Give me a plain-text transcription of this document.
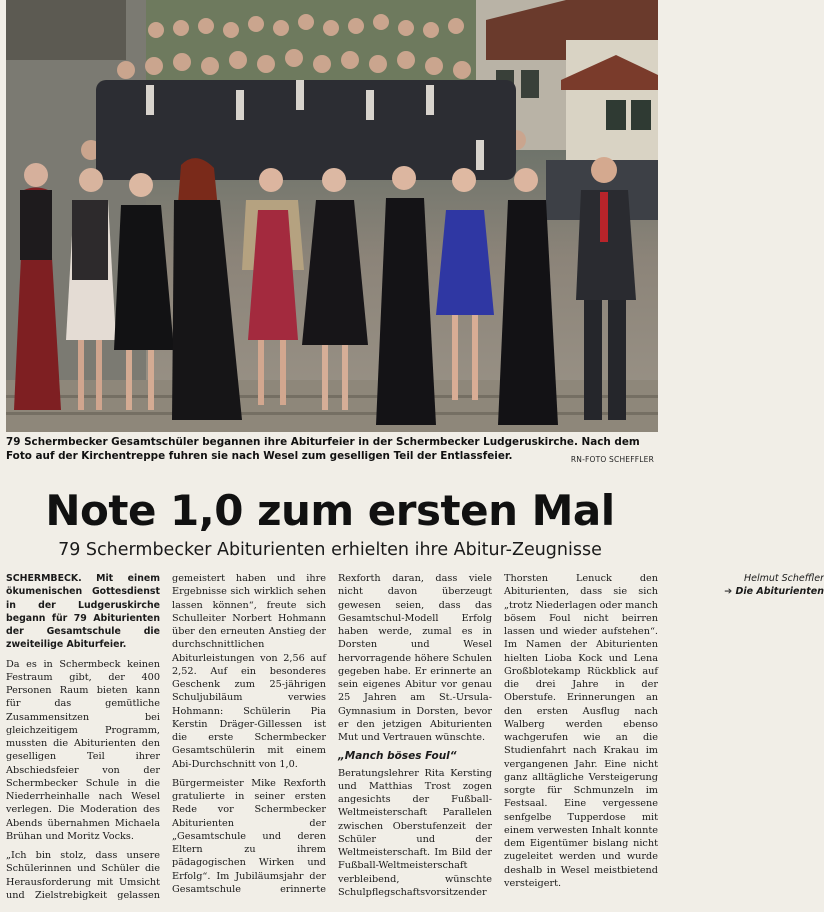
79 Schermbecker Gesamtschüler begannen ihre Abiturfeier in der Schermbecker Ludgeruskirche. Nach dem Foto auf der Kirchentreppe fuhren sie nach Wesel zum geselligen Teil der Entlassfeier.	RN-FOTO SCHEFFLER
Note 1,0 zum ersten Mal
79 Schermbecker Abiturienten erhielten ihre Abitur-Zeugnisse

SCHERMBECK. Mit einem ökumenischen Gottesdienst in der Ludgeruskirche begann für 79 Abiturienten der Gesamtschule die zweiteilige Abiturfeier.

Da es in Schermbeck keinen Festraum gibt, der 400 Personen Raum bieten kann für das gemütliche Zusammensitzen bei gleichzeitigem Programm, mussten die Abiturienten den geselligen Teil ihrer Abschiedsfeier von der Schermbecker Schule in die Niederrheinhalle nach Wesel verlegen. Die Moderation des Abends übernahmen Michaela Brühan und Moritz Vocks.

„Ich bin stolz, dass unsere Schülerinnen und Schüler die Herausforderung mit Umsicht und Zielstrebigkeit gelassen gemeistert haben und ihre Ergebnisse sich wirklich sehen lassen können“, freute sich Schulleiter Norbert Hohmann über den erneuten Anstieg der durchschnittlichen Abiturleistungen von 2,56 auf 2,52. Auf ein besonderes Geschenk zum 25-jährigen Schuljubiläum verwies Hohmann: Schülerin Pia Kerstin Dräger-Gillessen ist die erste Schermbecker Gesamtschülerin mit einem Abi-Durchschnitt von 1,0.

Bürgermeister Mike Rexforth gratulierte in seiner ersten Rede vor Schermbecker Abiturienten der „Gesamtschule und deren Eltern zu ihrem pädagogischen Wirken und Erfolg“. Im Jubiläumsjahr der Gesamtschule erinnerte Rexforth daran, dass viele nicht davon überzeugt gewesen seien, dass das Gesamtschul-Modell Erfolg haben werde, zumal es in Dorsten und Wesel hervorragende höhere Schulen gegeben habe. Er erinnerte an sein eigenes Abitur vor genau 25 Jahren am St.-Ursula-Gymnasium in Dorsten, bevor er den jetzigen Abiturienten Mut und Vertrauen wünschte.

„Manch böses Foul“

Beratungslehrer Rita Kersting und Matthias Trost zogen angesichts der Fußball-Weltmeisterschaft Parallelen zwischen Oberstufenzeit der Schüler und der Weltmeisterschaft. Im Bild der Fußball-Weltmeisterschaft verbleibend, wünschte Schulpflegschaftsvorsitzender Thorsten Lenuck den Abiturienten, dass sie sich „trotz Niederlagen oder manch bösem Foul nicht beirren lassen und wieder aufstehen“. Im Namen der Abiturienten hielten Lioba Kock und Lena Großblotekamp Rückblick auf die drei Jahre in der Oberstufe. Erinnerungen an den ersten Ausflug nach Walberg werden ebenso wachgerufen wie an die Studienfahrt nach Krakau im vergangenen Jahr. Eine nicht ganz alltägliche Versteigerung sorgte für Schmunzeln im Festsaal. Eine vergessene senfgelbe Tupperdose mit einem verwesten Inhalt konnte dem Eigentümer bislang nicht zugeleitet werden und wurde deshalb in Wesel meistbietend versteigert.

Helmut Scheffler

➔ Die Abiturienten
